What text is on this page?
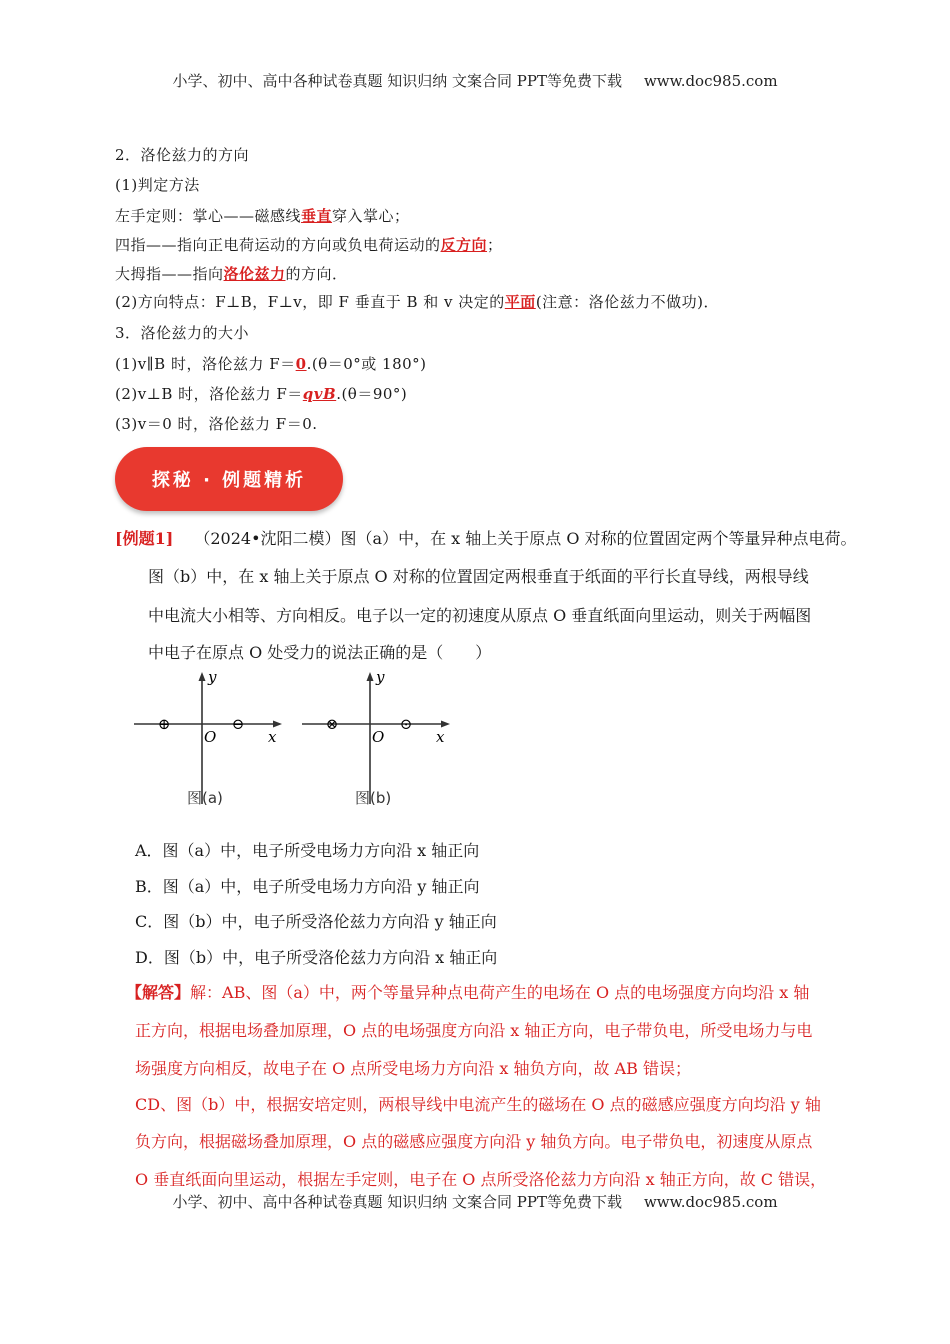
小学、初中、高中各种试卷真题 知识归纳 文案合同 PPT等免费下载 www.doc985.com
2．洛伦兹力的方向
(1)判定方法
左手定则：掌心——磁感线垂直穿入掌心；
四指——指向正电荷运动的方向或负电荷运动的反方向；
大拇指——指向洛伦兹力的方向．
(2)方向特点：F⊥B，F⊥v，即 F 垂直于 B 和 v 决定的平面(注意：洛伦兹力不做功)．
3．洛伦兹力的大小
(1)v∥B 时，洛伦兹力 F＝0.(θ＝0°或 180°)
(2)v⊥B 时，洛伦兹力 F＝qvB.(θ＝90°)
(3)v＝0 时，洛伦兹力 F＝0.
探秘 · 例题精析
[例题1] （2024•沈阳二模）图（a）中，在 x 轴上关于原点 O 对称的位置固定两个等量异种点电荷。
图（b）中，在 x 轴上关于原点 O 对称的位置固定两根垂直于纸面的平行长直导线，两根导线
中电流大小相等、方向相反。电子以一定的初速度从原点 O 垂直纸面向里运动，则关于两幅图
中电子在原点 O 处受力的说法正确的是（　　）
y
x
O
⊕	⊖
图(a)
y
x
O
⊗	⊙
图(b)
A．图（a）中，电子所受电场力方向沿 x 轴正向
B．图（a）中，电子所受电场力方向沿 y 轴正向
C．图（b）中，电子所受洛伦兹力方向沿 y 轴正向
D．图（b）中，电子所受洛伦兹力方向沿 x 轴正向
【解答】解：AB、图（a）中，两个等量异种点电荷产生的电场在 O 点的电场强度方向均沿 x 轴
正方向，根据电场叠加原理，O 点的电场强度方向沿 x 轴正方向，电子带负电，所受电场力与电
场强度方向相反，故电子在 O 点所受电场力方向沿 x 轴负方向，故 AB 错误；
CD、图（b）中，根据安培定则，两根导线中电流产生的磁场在 O 点的磁感应强度方向均沿 y 轴
负方向，根据磁场叠加原理，O 点的磁感应强度方向沿 y 轴负方向。电子带负电，初速度从原点
O 垂直纸面向里运动，根据左手定则，电子在 O 点所受洛伦兹力方向沿 x 轴正方向，故 C 错误，
小学、初中、高中各种试卷真题 知识归纳 文案合同 PPT等免费下载 www.doc985.com
